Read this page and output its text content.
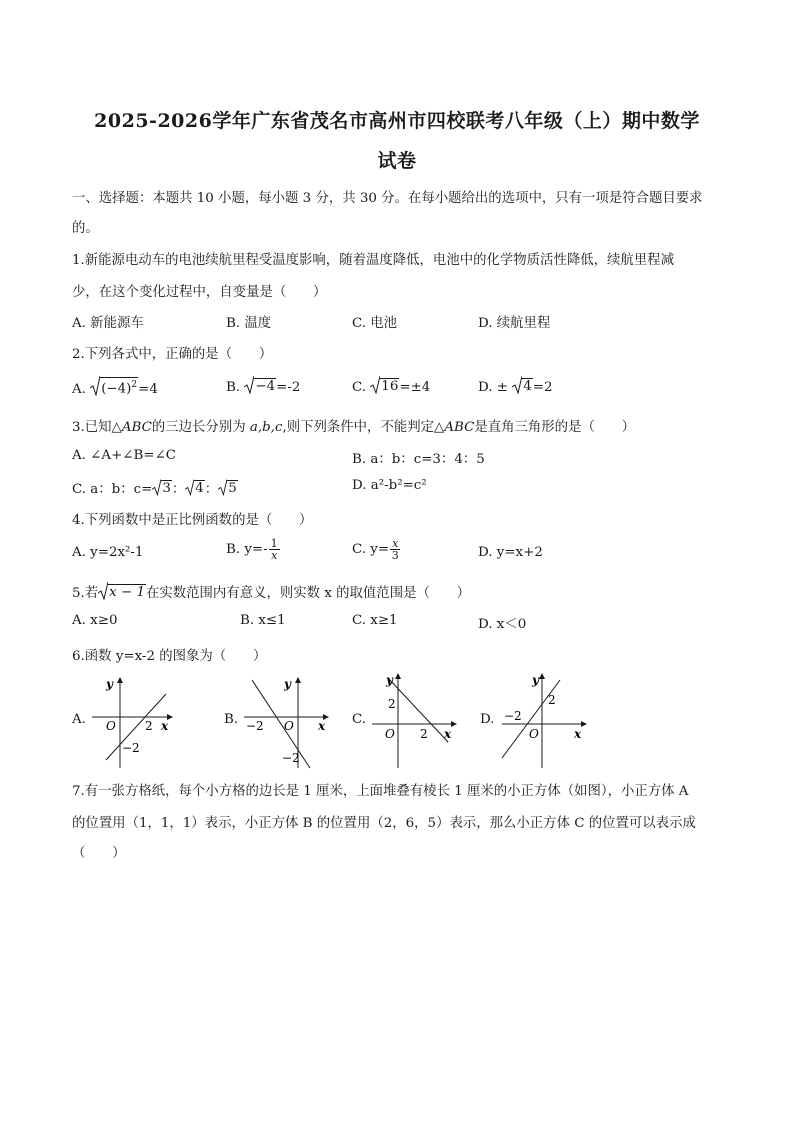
2025-2026学年广东省茂名市高州市四校联考八年级（上）期中数学
试卷
一、选择题：本题共 10 小题，每小题 3 分，共 30 分。在每小题给出的选项中，只有一项是符合题目要求
的。
1.新能源电动车的电池续航里程受温度影响，随着温度降低，电池中的化学物质活性降低，续航里程减
少，在这个变化过程中，自变量是（　　）
A. 新能源车	B. 温度	C. 电池	D. 续航里程
2.下列各式中，正确的是（　　）
A. $(-4)^2 =4$	B. −4 =-2	C. 16 =±4	D. ± 4 =2
3.已知△ABC的三边长分别为 a,b,c,则下列条件中，不能判定△ABC是直角三角形的是（　　）
A. ∠A+∠B=∠C	B. a：b：c=3：4：5
C. a：b：c= 3 ： 4 ： 5	D. a²-b²=c²
4.下列函数中是正比例函数的是（　　）
A. y=2x²-1	B. $y=- \frac{1}{x}$	C. $y= \frac{x}{3}$	D. y=x+2
5.若 x − 1 在实数范围内有意义，则实数 x 的取值范围是（　　）
A. x≥0	B. x≤1	C. x≥1	D. x＜0
6.函数 y=x-2 的图象为（　　）
A.	B.	C.	D.
y
x
O 2
−2
y
x
O
−2
−2
y
x
O
2
2
y
x
O
−2
2
7.有一张方格纸，每个小方格的边长是 1 厘米，上面堆叠有棱长 1 厘米的小正方体（如图），小正方体 A
的位置用（1，1，1）表示，小正方体 B 的位置用（2，6，5）表示，那么小正方体 C 的位置可以表示成
（　　）
